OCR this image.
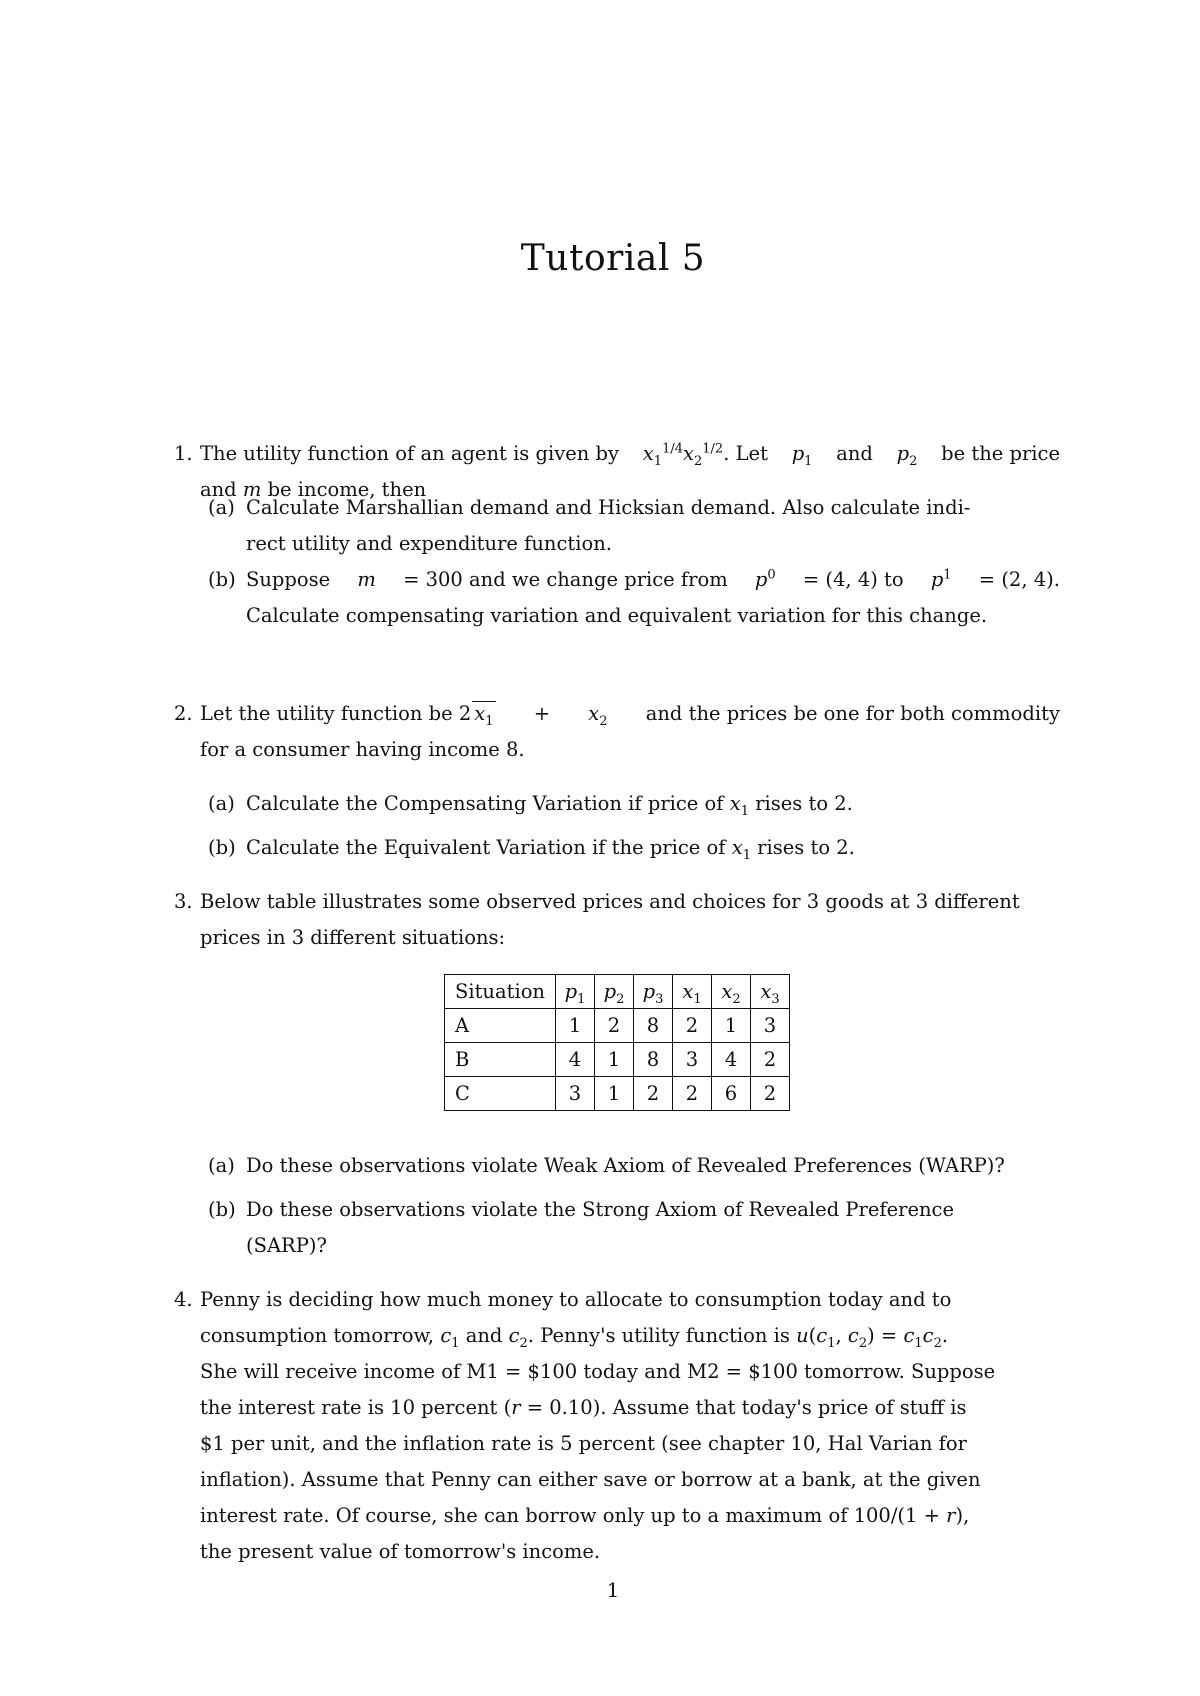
Tutorial 5
1. The utility function of an agent is given by $x_1^{1/4}x_2^{1/2}$. Let $p_1$ and $p_2$ be the price
and m be income, then
(a) Calculate Marshallian demand and Hicksian demand. Also calculate indi-
rect utility and expenditure function.
(b) Suppose m = 300 and we change price from $p^0 = (4$, 4) to $p^1 = (2$, 4).
Calculate compensating variation and equivalent variation for this change.
2. Let the utility function be 2 $x_1 + x_2$ and the prices be one for both commodity
for a consumer having income 8.
(a) Calculate the Compensating Variation if price of $x_1$ rises to 2.
(b) Calculate the Equivalent Variation if the price of $x_1$ rises to 2.
3. Below table illustrates some observed prices and choices for 3 goods at 3 different
prices in 3 different situations:
Situation	$p_1$	$p_2$	$p_3$	$x_1$	$x_2$	$x_3$
A	1	2	8	2	1	3
B	4	1	8	3	4	2
C	3	1	2	2	6	2
(a) Do these observations violate Weak Axiom of Revealed Preferences (WARP)?
(b) Do these observations violate the Strong Axiom of Revealed Preference
(SARP)?
4. Penny is deciding how much money to allocate to consumption today and to
consumption tomorrow, $c_1$ and $c_2$. Penny's utility function is $u(c_1$, $c_2) = c_1c_2$.
She will receive income of M1 = $100 today and M2 = $100 tomorrow. Suppose
the interest rate is 10 percent (r = 0.10). Assume that today's price of stuff is
$1 per unit, and the inflation rate is 5 percent (see chapter 10, Hal Varian for
inflation). Assume that Penny can either save or borrow at a bank, at the given
interest rate. Of course, she can borrow only up to a maximum of 100/(1 + r),
the present value of tomorrow's income.
1
